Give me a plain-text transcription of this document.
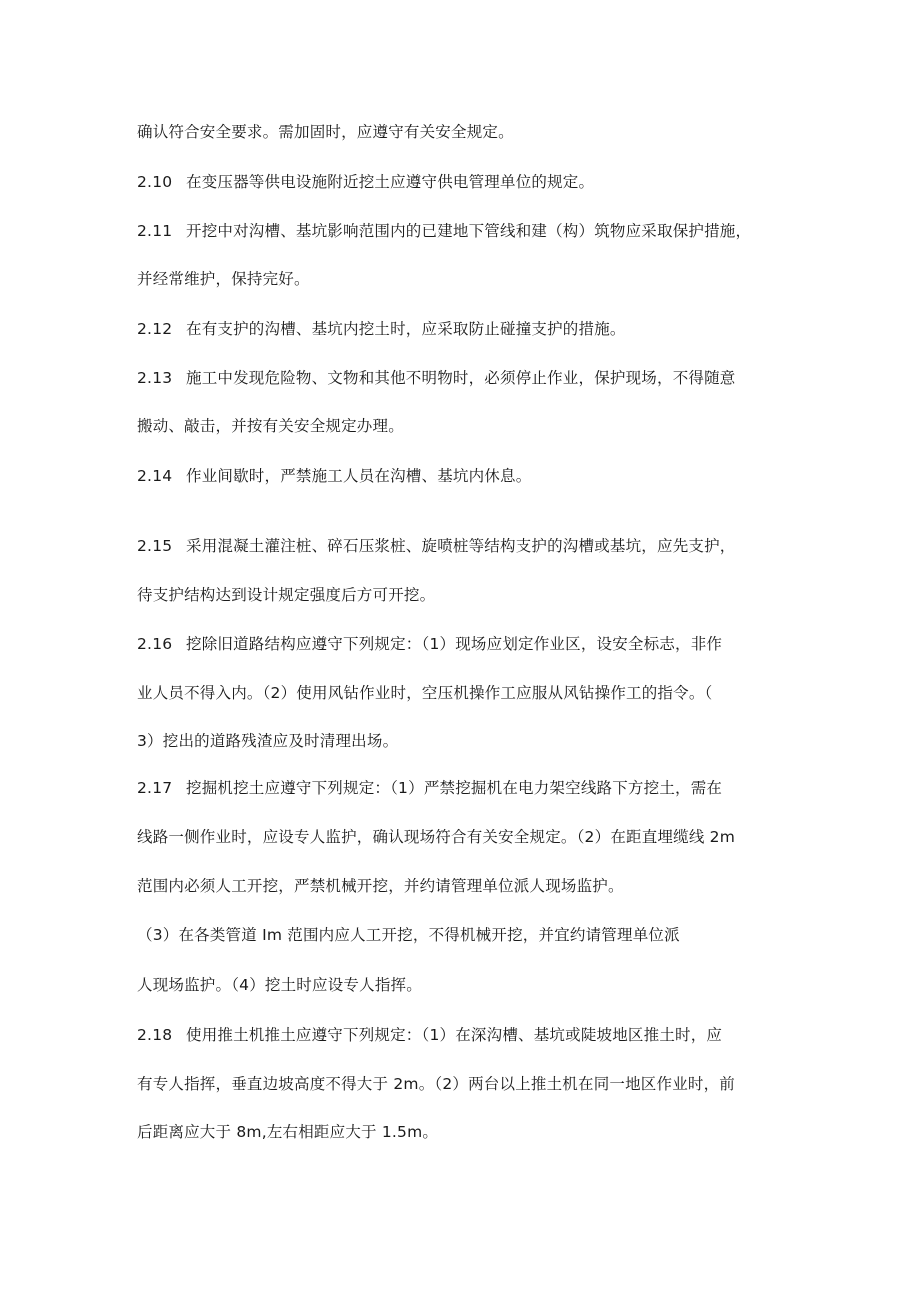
确认符合安全要求。需加固时，应遵守有关安全规定。
2.10 在变压器等供电设施附近挖土应遵守供电管理单位的规定。
2.11 开挖中对沟槽、基坑影响范围内的已建地下管线和建（构）筑物应采取保护措施，
并经常维护，保持完好。
2.12 在有支护的沟槽、基坑内挖土时，应采取防止碰撞支护的措施。
2.13 施工中发现危险物、文物和其他不明物时，必须停止作业，保护现场，不得随意
搬动、敲击，并按有关安全规定办理。
2.14 作业间歇时，严禁施工人员在沟槽、基坑内休息。
2.15 采用混凝土灌注桩、碎石压浆桩、旋喷桩等结构支护的沟槽或基坑，应先支护，
待支护结构达到设计规定强度后方可开挖。
2.16 挖除旧道路结构应遵守下列规定：（1）现场应划定作业区，设安全标志，非作
业人员不得入内。（2）使用风钻作业时，空压机操作工应服从风钻操作工的指令。（
3）挖出的道路残渣应及时清理出场。
2.17 挖掘机挖土应遵守下列规定：（1）严禁挖掘机在电力架空线路下方挖土，需在
线路一侧作业时，应设专人监护，确认现场符合有关安全规定。（2）在距直埋缆线 2m
范围内必须人工开挖，严禁机械开挖，并约请管理单位派人现场监护。
（3）在各类管道 Im 范围内应人工开挖，不得机械开挖，并宜约请管理单位派
人现场监护。（4）挖土时应设专人指挥。
2.18 使用推土机推土应遵守下列规定：（1）在深沟槽、基坑或陡坡地区推土时，应
有专人指挥，垂直边坡高度不得大于 2m。（2）两台以上推土机在同一地区作业时，前
后距离应大于 8m,左右相距应大于 1.5m。
